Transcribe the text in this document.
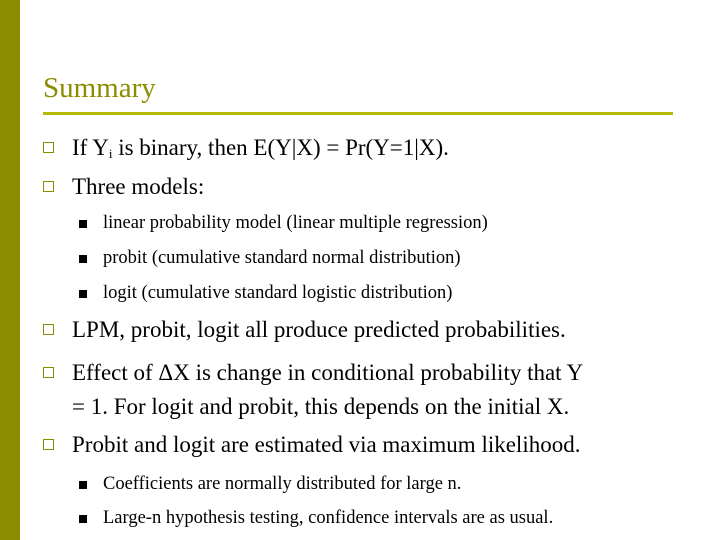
Summary
If $Y_i$ is binary, then E(Y|X) = Pr(Y=1|X).
Three models:
linear probability model (linear multiple regression)
probit (cumulative standard normal distribution)
logit (cumulative standard logistic distribution)
LPM, probit, logit all produce predicted probabilities.
Effect of ΔX is change in conditional probability that Y
= 1. For logit and probit, this depends on the initial X.
Probit and logit are estimated via maximum likelihood.
Coefficients are normally distributed for large n.
Large-n hypothesis testing, confidence intervals are as usual.
